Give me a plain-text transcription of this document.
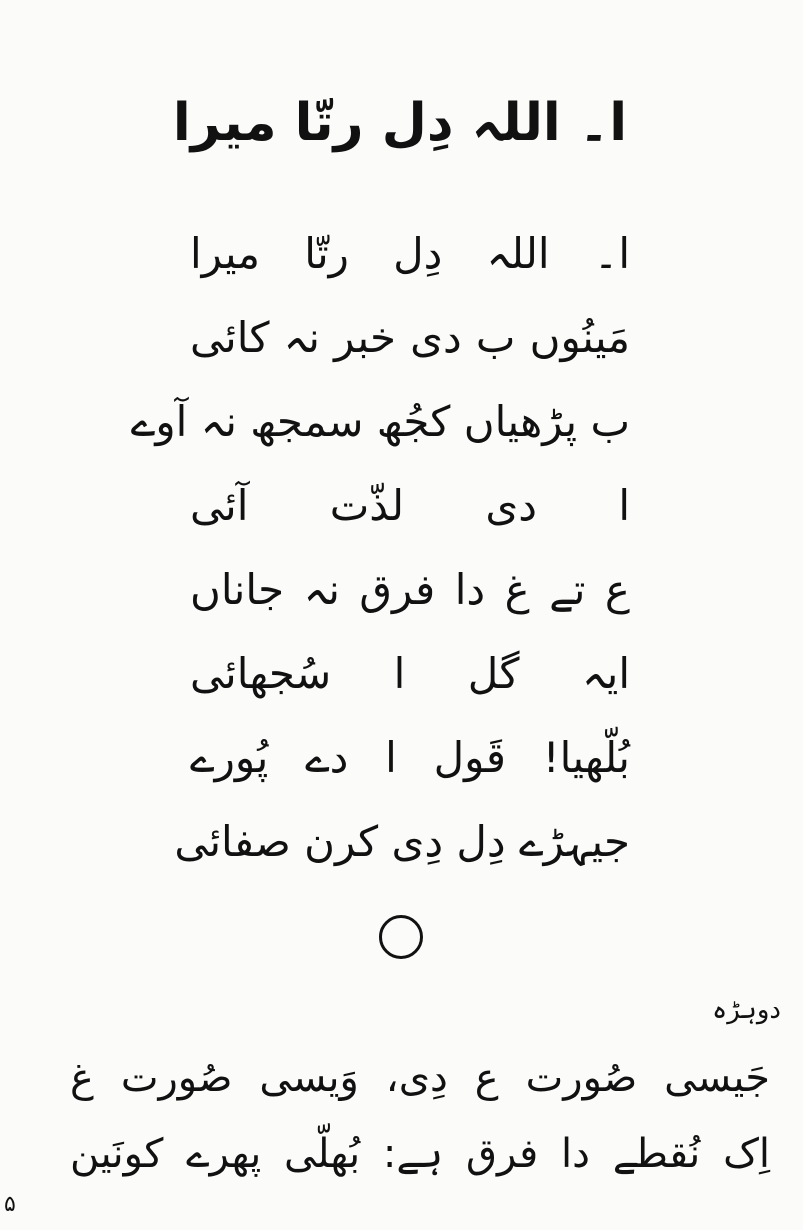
ا۔ اللہ دِل رتّا میرا
ا۔ اللہ دِل رتّا میرا
مَینُوں ب دی خبر نہ کائی
ب پڑھیاں کجُھ سمجھ نہ آوے
ا دی لذّت آئی
ع تے غ دا فرق نہ جاناں
ایہ گل ا سُجھائی
بُلّھیا! قَول ا دے پُورے
جیہڑے دِل دِی کرن صفائی
دوہڑہ
جَیسی صُورت ع دِی، وَیسی صُورت غ
اِک نُقطے دا فرق ہے: بُھلّی پھرے کونَین
۵
